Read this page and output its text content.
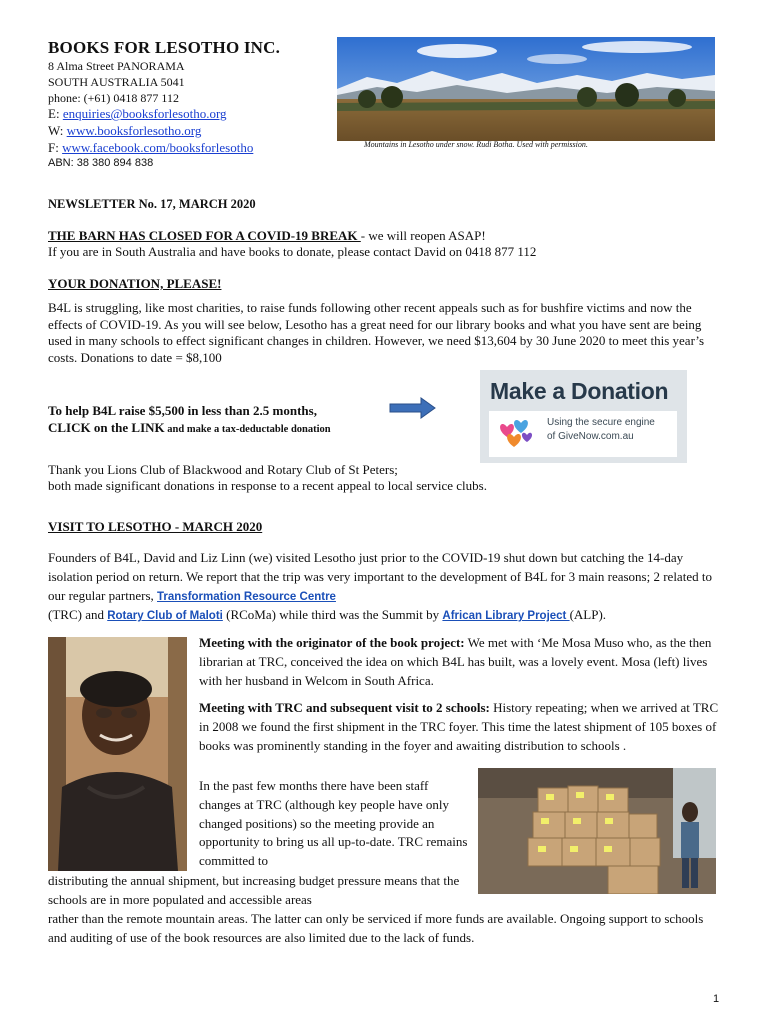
BOOKS FOR LESOTHO INC.
8 Alma Street PANORAMA
SOUTH AUSTRALIA 5041
phone: (+61) 0418 877 112
E: enquiries@booksforlesotho.org
W: www.booksforlesotho.org
F: www.facebook.com/booksforlesotho
ABN: 38 380 894 838
Mountains in Lesotho under snow. Rudi Botha. Used with permission.
NEWSLETTER No. 17, MARCH 2020
THE BARN HAS CLOSED FOR A COVID-19 BREAK - we will reopen ASAP!
If you are in South Australia and have books to donate, please contact David on 0418 877 112
YOUR DONATION, PLEASE!
B4L is struggling, like most charities, to raise funds following other recent appeals such as for bushfire victims and now the effects of COVID-19. As you will see below, Lesotho has a great need for our library books and what you have sent are being used in many schools to effect significant changes in children. However, we need $13,604 by 30 June 2020 to meet this year’s costs. Donations to date = $8,100
To help B4L raise $5,500 in less than 2.5 months,
CLICK on the LINK and make a tax-deductable donation
Make a Donation
Using the secure engine
of GiveNow.com.au
Thank you Lions Club of Blackwood and Rotary Club of St Peters;
both made significant donations in response to a recent appeal to local service clubs.
VISIT TO LESOTHO - MARCH 2020
Founders of B4L, David and Liz Linn (we) visited Lesotho just prior to the COVID-19 shut down but catching the 14-day isolation period on return. We report that the trip was very important to the development of B4L for 3 main reasons; 2 related to our regular partners, Transformation Resource Centre
(TRC) and Rotary Club of Maloti (RCoMa) while third was the Summit by African Library Project (ALP).
Meeting with the originator of the book project: We met with ‘Me Mosa Muso who, as the then librarian at TRC, conceived the idea on which B4L has built, was a lovely event. Mosa (left) lives with her husband in Welcom in South Africa.
Meeting with TRC and subsequent visit to 2 schools: History repeating; when we arrived at TRC in 2008 we found the first shipment in the TRC foyer. This time the latest shipment of 105 boxes of books was prominently standing in the foyer and awaiting distribution to schools .
In the past few months there have been staff changes at TRC (although key people have only changed positions) so the meeting provide an opportunity to bring us all up-to-date. TRC remains committed to
distributing the annual shipment, but increasing budget pressure means that the schools are in more populated and accessible areas
rather than the remote mountain areas. The latter can only be serviced if more funds are available. Ongoing support to schools and auditing of use of the book resources are also limited due to the lack of funds.
1
